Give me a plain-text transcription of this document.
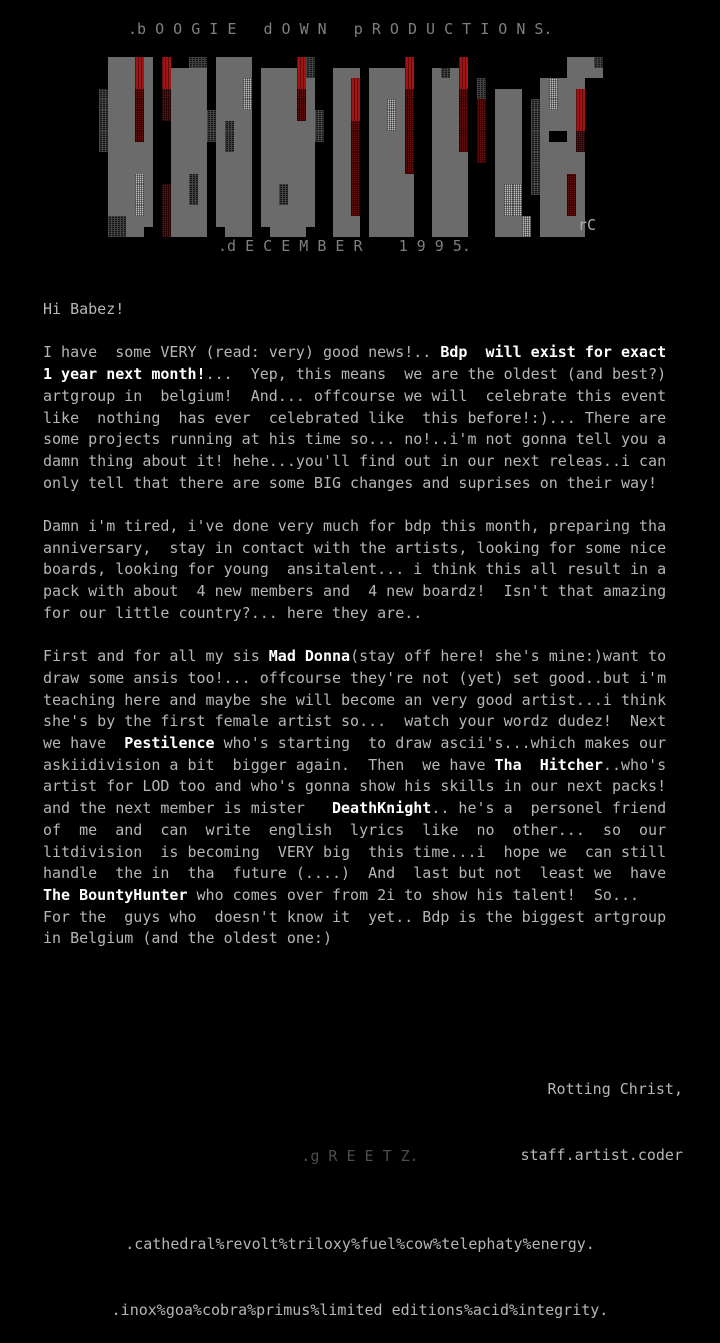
.b O O G I E   d O W N   p R O D U C T I O N S.
rC
.d E C E M B E R    1 9 9 5.
Hi Babez!
I have  some VERY (read: very) good news!.. Bdp  will exist for exact
1 year next month!...  Yep, this means  we are the oldest (and best?)
artgroup in  belgium!  And... offcourse we will  celebrate this event
like  nothing  has ever  celebrated like  this before!:)... There are
some projects running at his time so... no!..i'm not gonna tell you a
damn thing about it! hehe...you'll find out in our next releas..i can
only tell that there are some BIG changes and suprises on their way!
Damn i'm tired, i've done very much for bdp this month, preparing tha
anniversary,  stay in contact with the artists, looking for some nice
boards, looking for young  ansitalent... i think this all result in a
pack with about  4 new members and  4 new boardz!  Isn't that amazing
for our little country?... here they are..
First and for all my sis Mad Donna(stay off here! she's mine:)want to
draw some ansis too!... offcourse they're not (yet) set good..but i'm
teaching here and maybe she will become an very good artist...i think
she's by the first female artist so...  watch your wordz dudez!  Next
we have  Pestilence who's starting  to draw ascii's...which makes our
askiidivision a bit  bigger again.  Then  we have Tha  Hitcher..who's
artist for LOD too and who's gonna show his skills in our next packs!
and the next member is mister   DeathKnight.. he's a  personel friend
of  me  and  can  write  english  lyrics  like  no  other...  so  our
litdivision  is becoming  VERY big  this time...i  hope we  can still
handle  the in  tha  future (....)  And  last but not  least we  have
The BountyHunter who comes over from 2i to show his talent!  So...
For the  guys who  doesn't know it  yet.. Bdp is the biggest artgroup
in Belgium (and the oldest one:)

Rotting Christ,

staff.artist.coder

.g R E E T Z.

.cathedral%revolt%triloxy%fuel%cow%telephaty%energy.

.inox%goa%cobra%primus%limited editions%acid%integrity.
